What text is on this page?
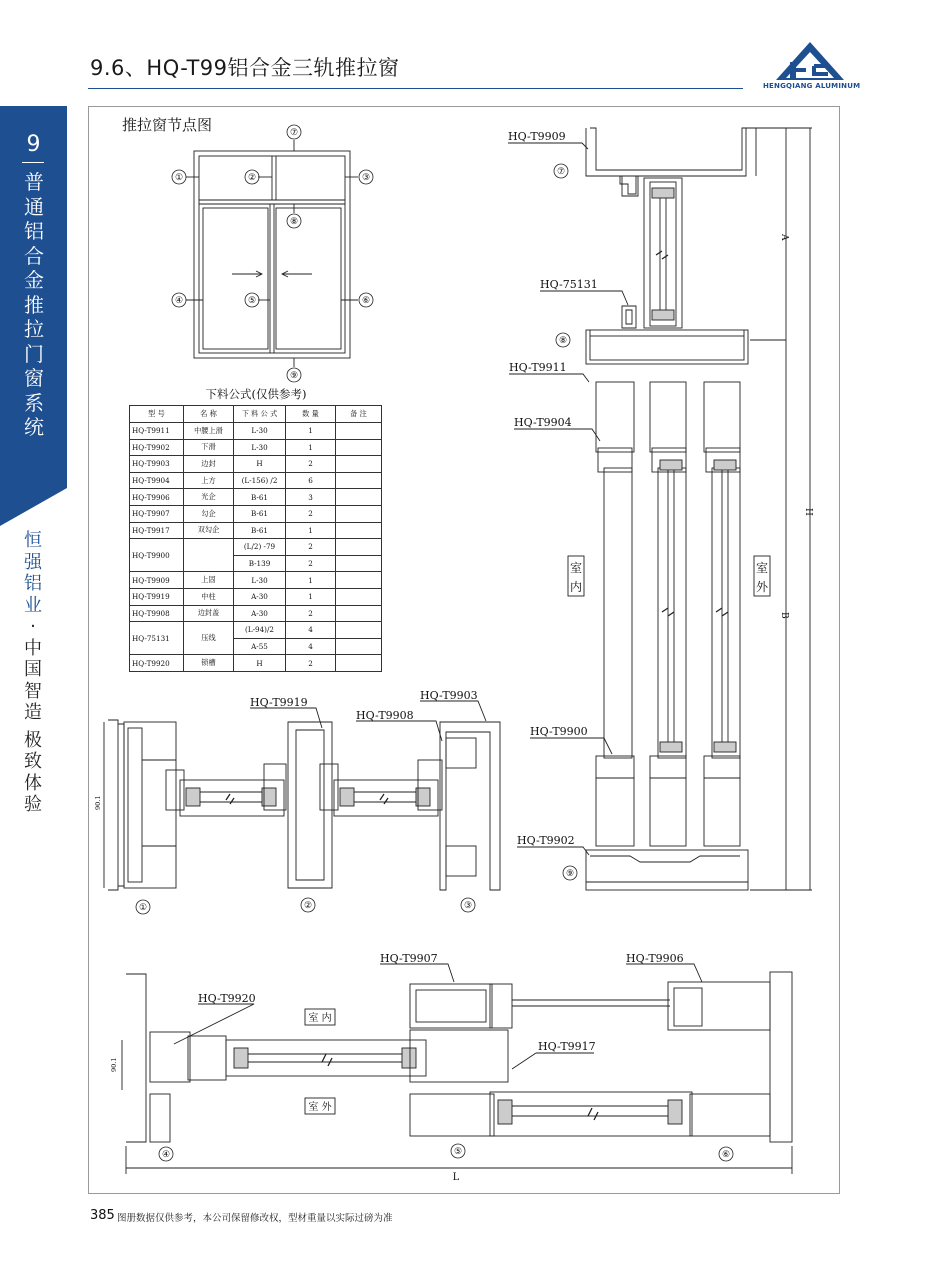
9.6、HQ-T99铝合金三轨推拉窗
HENGQIANG ALUMINUM
9
普
通
铝
合
金
推
拉
门
窗
系
统
恒
强
铝
业
·
中
国
智
造
极
致
体
验
推拉窗节点图
①	②	③
⑦
⑧
④	⑤	⑥
⑨
下料公式(仅供参考)
A
H
B
HQ-T9909
HQ-75131
HQ-T9911
HQ-T9904
HQ-T9900
HQ-T9902
⑦
⑧
⑨
室
内
室
外
90.1
HQ-T9919
HQ-T9908
HQ-T9903
①	②	③
90.1
L
HQ-T9907	HQ-T9906
HQ-T9920
HQ-T9917
室 内
室 外
④	⑤	⑥
型 号	名 称	下 料 公 式	数 量	备 注
HQ-T9911	中腰上滑	L-30	1	
HQ-T9902	下滑	L-30	1	
HQ-T9903	边封	H	2	
HQ-T9904	上方	(L-156) /2	6	
HQ-T9906	光企	B-61	3	
HQ-T9907	勾企	B-61	2	
HQ-T9917	双勾企	B-61	1	
HQ-T9900		(L/2) -79	2	
		B-139	2	
HQ-T9909	上固	L-30	1	
HQ-T9919	中柱	A-30	1	
HQ-T9908	边封盖	A-30	2	
HQ-75131	压线	(L-94)/2	4	
		A-55	4	
HQ-T9920	锁槽	H	2	
385 图册数据仅供参考，本公司保留修改权，型材重量以实际过磅为准
